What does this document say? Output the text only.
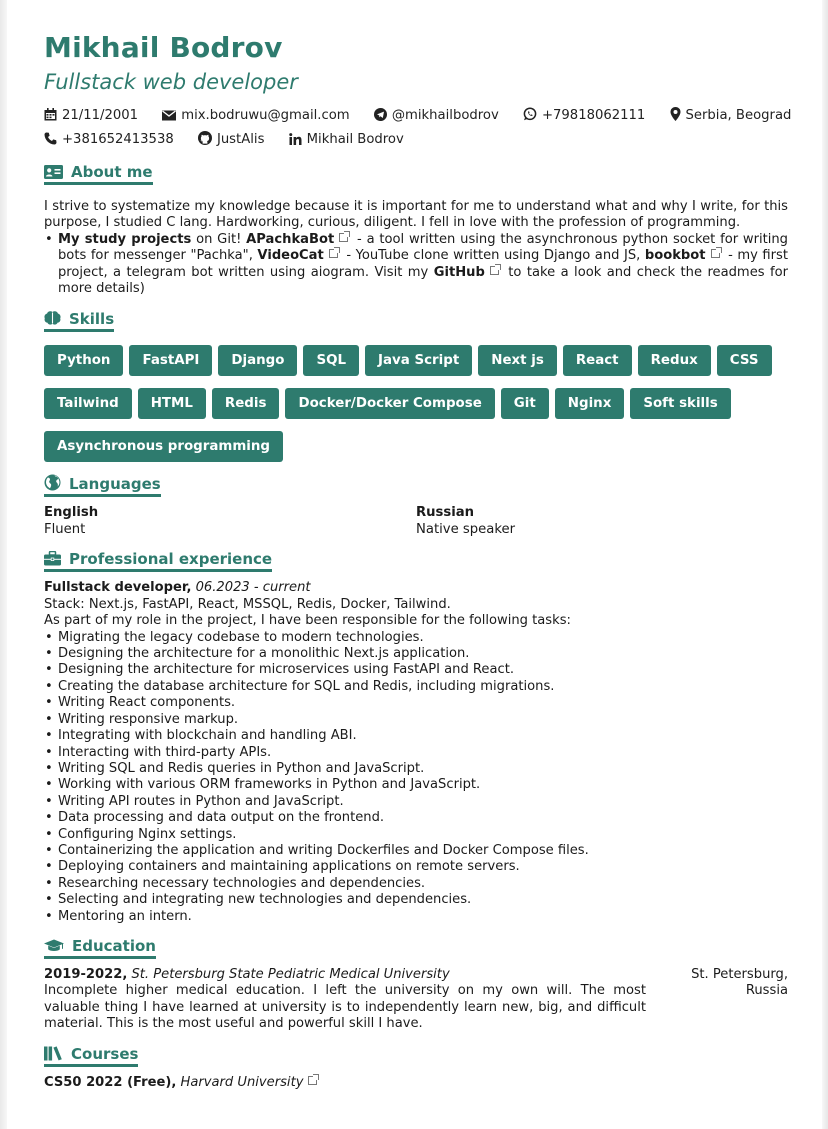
Mikhail Bodrov
Fullstack web developer
21/11/2001	mix.bodruwu@gmail.com	@mikhailbodrov	+79818062111	Serbia, Beograd
+381652413538	JustAlis	Mikhail Bodrov
About me
I strive to systematize my knowledge because it is important for me to understand what and why I write, for this purpose, I studied C lang. Hardworking, curious, diligent. I fell in love with the profession of programming.
• My study projects on Git! APachkaBot - a tool written using the asynchronous python socket for writing bots for messenger "Pachka", VideoCat - YouTube clone written using Django and JS, bookbot - my first project, a telegram bot written using aiogram. Visit my GitHub to take a look and check the readmes for more details)
Skills
Python FastAPI Django SQL Java Script Next js React Redux CSS
Tailwind HTML Redis Docker/Docker Compose Git Nginx Soft skills
Asynchronous programming
Languages
English
Fluent
Russian
Native speaker
Professional experience
Fullstack developer, 06.2023 - current
Stack: Next.js, FastAPI, React, MSSQL, Redis, Docker, Tailwind.
As part of my role in the project, I have been responsible for the following tasks:
• Migrating the legacy codebase to modern technologies.
• Designing the architecture for a monolithic Next.js application.
• Designing the architecture for microservices using FastAPI and React.
• Creating the database architecture for SQL and Redis, including migrations.
• Writing React components.
• Writing responsive markup.
• Integrating with blockchain and handling ABI.
• Interacting with third-party APIs.
• Writing SQL and Redis queries in Python and JavaScript.
• Working with various ORM frameworks in Python and JavaScript.
• Writing API routes in Python and JavaScript.
• Data processing and data output on the frontend.
• Configuring Nginx settings.
• Containerizing the application and writing Dockerfiles and Docker Compose files.
• Deploying containers and maintaining applications on remote servers.
• Researching necessary technologies and dependencies.
• Selecting and integrating new technologies and dependencies.
• Mentoring an intern.
Education
2019-2022, St. Petersburg State Pediatric Medical University
Incomplete higher medical education. I left the university on my own will. The most valuable thing I have learned at university is to independently learn new, big, and difficult material. This is the most useful and powerful skill I have.
St. Petersburg, Russia
Courses
CS50 2022 (Free), Harvard University
